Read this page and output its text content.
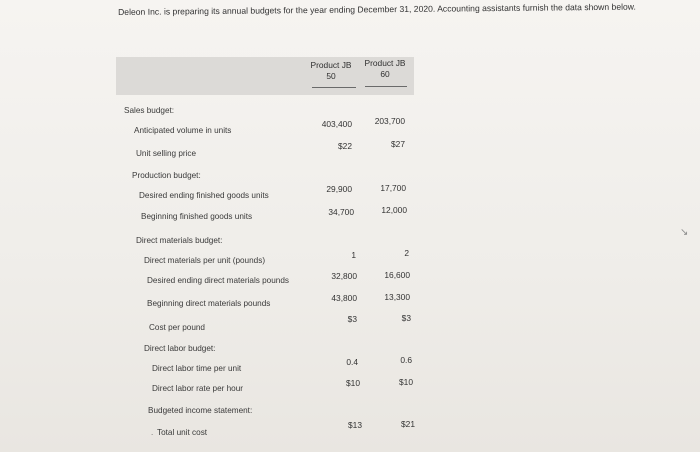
Deleon Inc. is preparing its annual budgets for the year ending December 31, 2020. Accounting assistants furnish the data shown below.
Product JB 50
Product JB 60
Sales budget:
Anticipated volume in units
Unit selling price
Production budget:
Desired ending finished goods units
Beginning finished goods units
Direct materials budget:
Direct materials per unit (pounds)
Desired ending direct materials pounds
Beginning direct materials pounds
Cost per pound
Direct labor budget:
Direct labor time per unit
Direct labor rate per hour
Budgeted income statement:
Total unit cost
.
403,400
$22
29,900
34,700
1
32,800
43,800
$3
0.4
$10
$13
203,700
$27
17,700
12,000
2
16,600
13,300
$3
0.6
$10
$21
↘
